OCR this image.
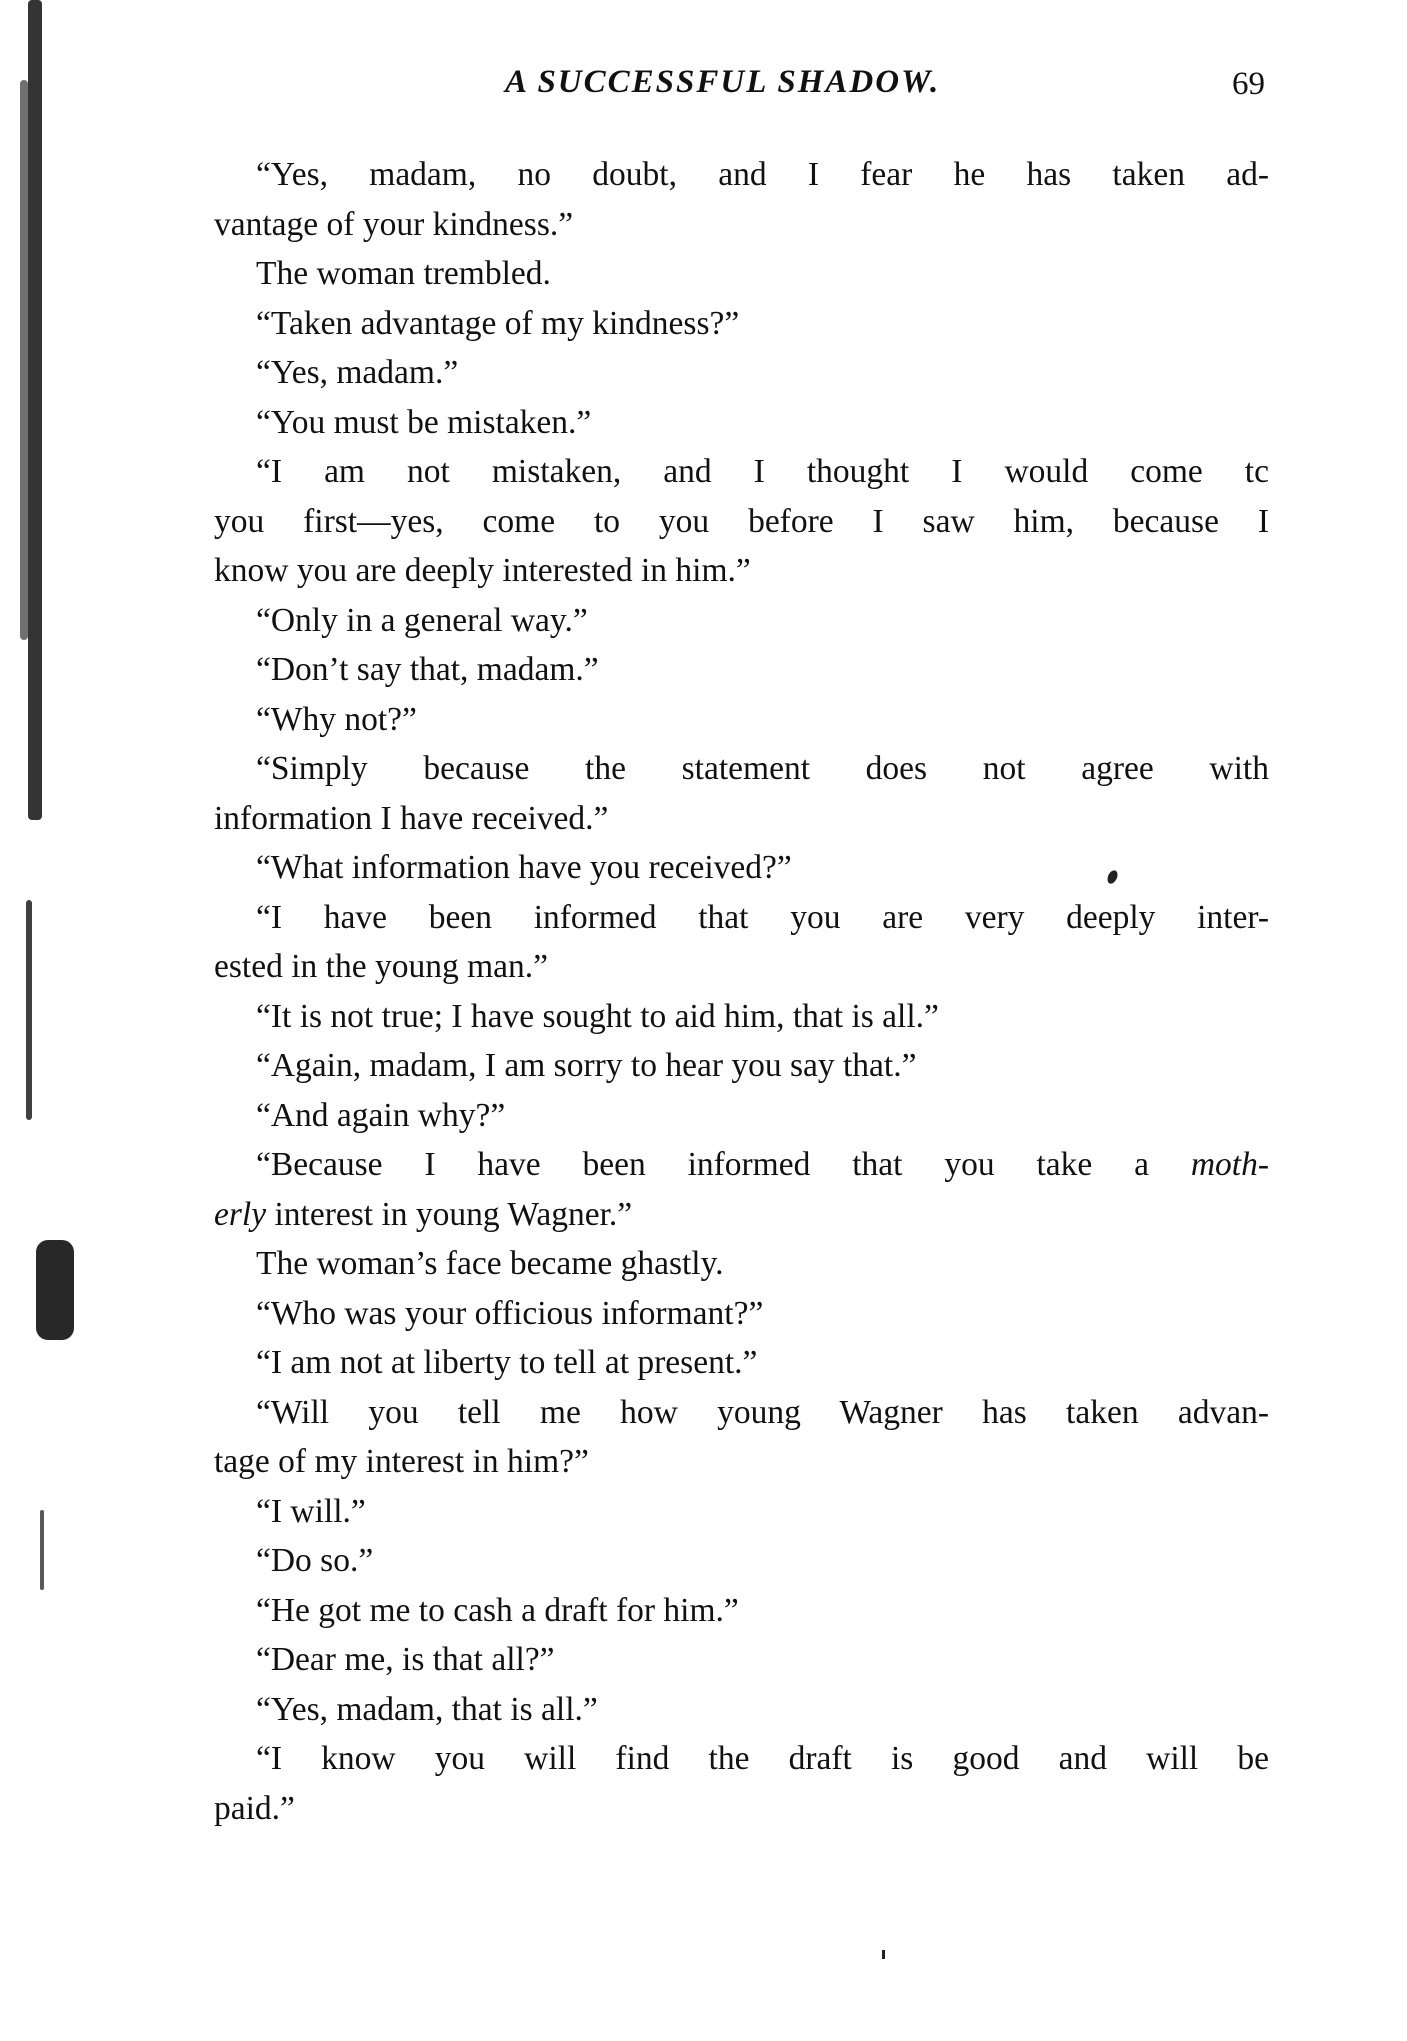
A SUCCESSFUL SHADOW.	69
“Yes, madam, no doubt, and I fear he has taken ad-
vantage of your kindness.”
The woman trembled.
“Taken advantage of my kindness?”
“Yes, madam.”
“You must be mistaken.”
“I am not mistaken, and I thought I would come tc
you first—yes, come to you before I saw him, because I
know you are deeply interested in him.”
“Only in a general way.”
“Don’t say that, madam.”
“Why not?”
“Simply because the statement does not agree with
information I have received.”
“What information have you received?”
“I have been informed that you are very deeply inter-
ested in the young man.”
“It is not true; I have sought to aid him, that is all.”
“Again, madam, I am sorry to hear you say that.”
“And again why?”
“Because I have been informed that you take a moth-
erly interest in young Wagner.”
The woman’s face became ghastly.
“Who was your officious informant?”
“I am not at liberty to tell at present.”
“Will you tell me how young Wagner has taken advan-
tage of my interest in him?”
“I will.”
“Do so.”
“He got me to cash a draft for him.”
“Dear me, is that all?”
“Yes, madam, that is all.”
“I know you will find the draft is good and will be
paid.”
